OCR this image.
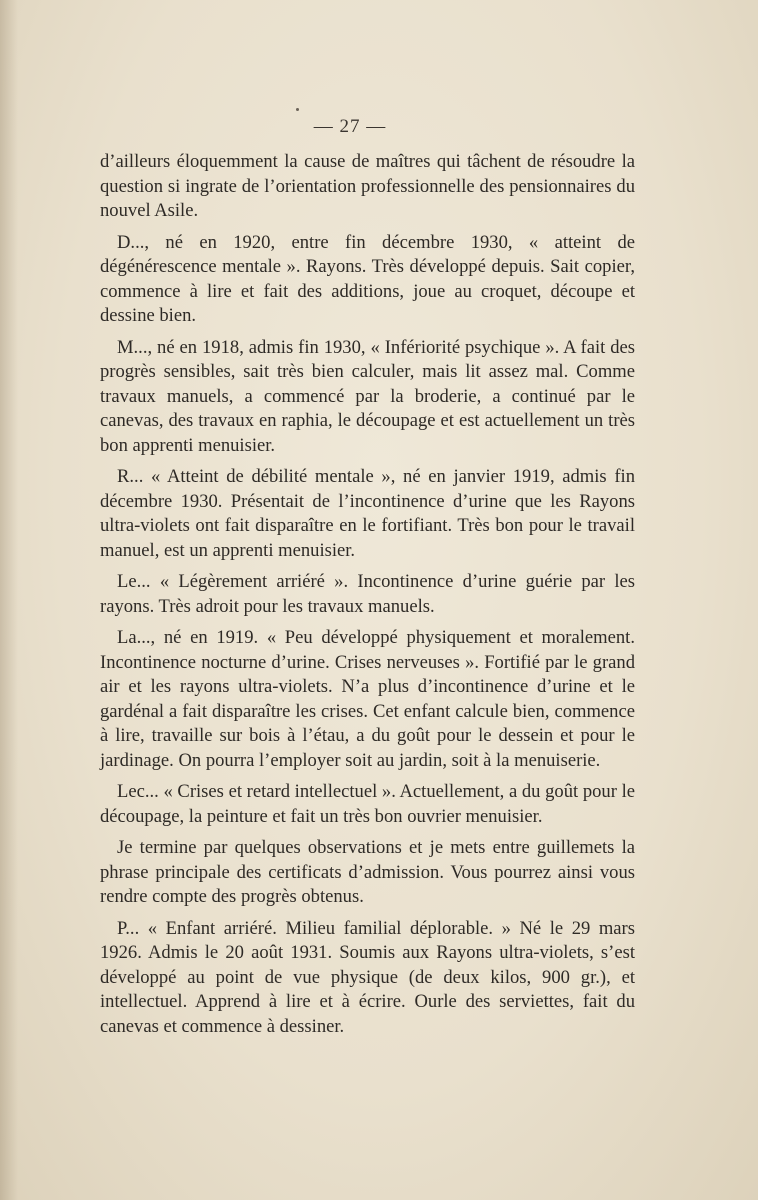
— 27 —

d’ailleurs éloquemment la cause de maîtres qui tâchent de résoudre la question si ingrate de l’orientation professionnelle des pensionnaires du nouvel Asile.

D..., né en 1920, entre fin décembre 1930, « atteint de dégénérescence mentale ». Rayons. Très développé depuis. Sait copier, commence à lire et fait des additions, joue au croquet, découpe et dessine bien.

M..., né en 1918, admis fin 1930, « Infériorité psychique ». A fait des progrès sensibles, sait très bien calculer, mais lit assez mal. Comme travaux manuels, a commencé par la broderie, a continué par le canevas, des travaux en raphia, le découpage et est actuellement un très bon apprenti menuisier.

R... « Atteint de débilité mentale », né en janvier 1919, admis fin décembre 1930. Présentait de l’incontinence d’urine que les Rayons ultra-violets ont fait disparaître en le fortifiant. Très bon pour le travail manuel, est un apprenti menuisier.

Le... « Légèrement arriéré ». Incontinence d’urine guérie par les rayons. Très adroit pour les travaux manuels.

La..., né en 1919. « Peu développé physiquement et moralement. Incontinence nocturne d’urine. Crises nerveuses ». Fortifié par le grand air et les rayons ultra-violets. N’a plus d’incontinence d’urine et le gardénal a fait disparaître les crises. Cet enfant calcule bien, commence à lire, travaille sur bois à l’étau, a du goût pour le dessein et pour le jardinage. On pourra l’employer soit au jardin, soit à la menuiserie.

Lec... « Crises et retard intellectuel ». Actuellement, a du goût pour le découpage, la peinture et fait un très bon ouvrier menuisier.

Je termine par quelques observations et je mets entre guillemets la phrase principale des certificats d’admission. Vous pourrez ainsi vous rendre compte des progrès obtenus.

P... « Enfant arriéré. Milieu familial déplorable. » Né le 29 mars 1926. Admis le 20 août 1931. Soumis aux Rayons ultra-violets, s’est développé au point de vue physique (de deux kilos, 900 gr.), et intellectuel. Apprend à lire et à écrire. Ourle des serviettes, fait du canevas et commence à dessiner.
